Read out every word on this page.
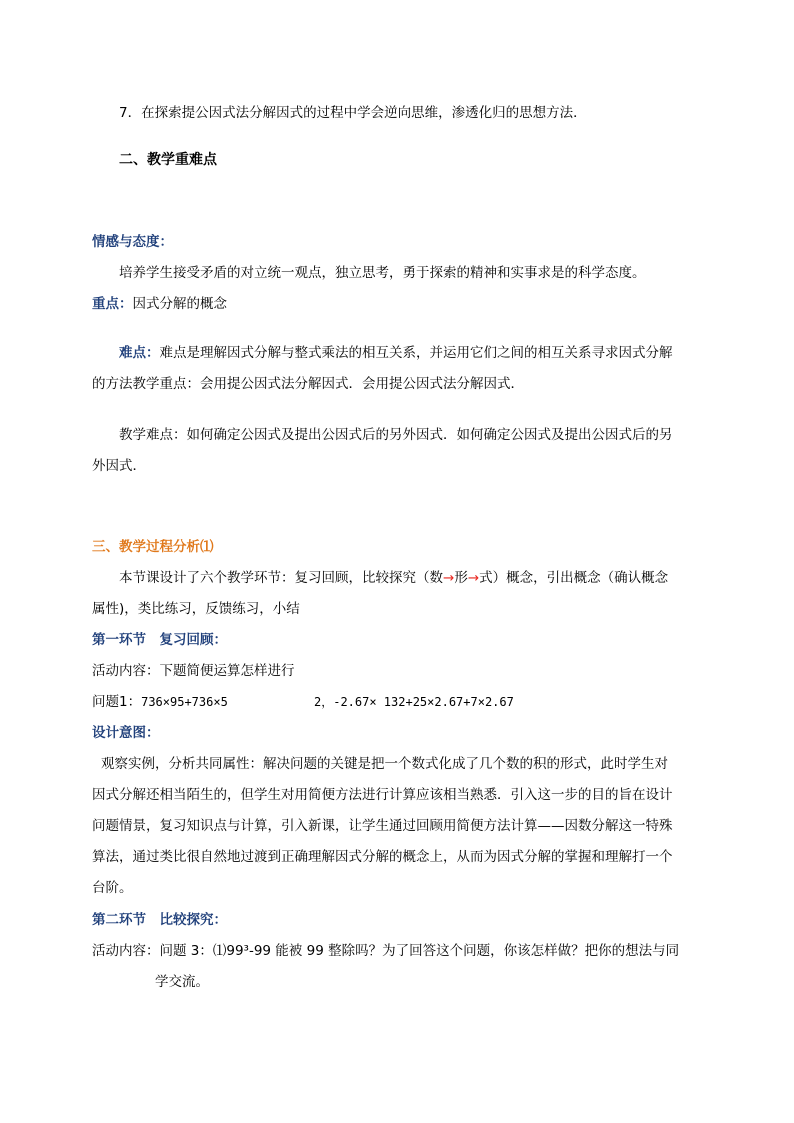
7．在探索提公因式法分解因式的过程中学会逆向思维，渗透化归的思想方法．
二、教学重难点
情感与态度：
培养学生接受矛盾的对立统一观点，独立思考，勇于探索的精神和实事求是的科学态度。
重点：因式分解的概念
难点：难点是理解因式分解与整式乘法的相互关系，并运用它们之间的相互关系寻求因式分解
的方法教学重点：会用提公因式法分解因式．会用提公因式法分解因式．
教学难点：如何确定公因式及提出公因式后的另外因式．如何确定公因式及提出公因式后的另
外因式．
三、教学过程分析⑴
本节课设计了六个教学环节：复习回顾，比较探究（数→形→式）概念，引出概念（确认概念
属性)，类比练习，反馈练习，小结
第一环节　复习回顾：
活动内容：下题简便运算怎样进行
问题1：736×95+736×5	2，-2.67× 132+25×2.67+7×2.67
设计意图：
观察实例，分析共同属性：解决问题的关键是把一个数式化成了几个数的积的形式，此时学生对
因式分解还相当陌生的，但学生对用简便方法进行计算应该相当熟悉．引入这一步的目的旨在设计
问题情景，复习知识点与计算，引入新课，让学生通过回顾用简便方法计算——因数分解这一特殊
算法，通过类比很自然地过渡到正确理解因式分解的概念上，从而为因式分解的掌握和理解打一个
台阶。
第二环节　比较探究：
活动内容：问题 3：⑴99³-99 能被 99 整除吗？为了回答这个问题，你该怎样做？把你的想法与同
学交流。
